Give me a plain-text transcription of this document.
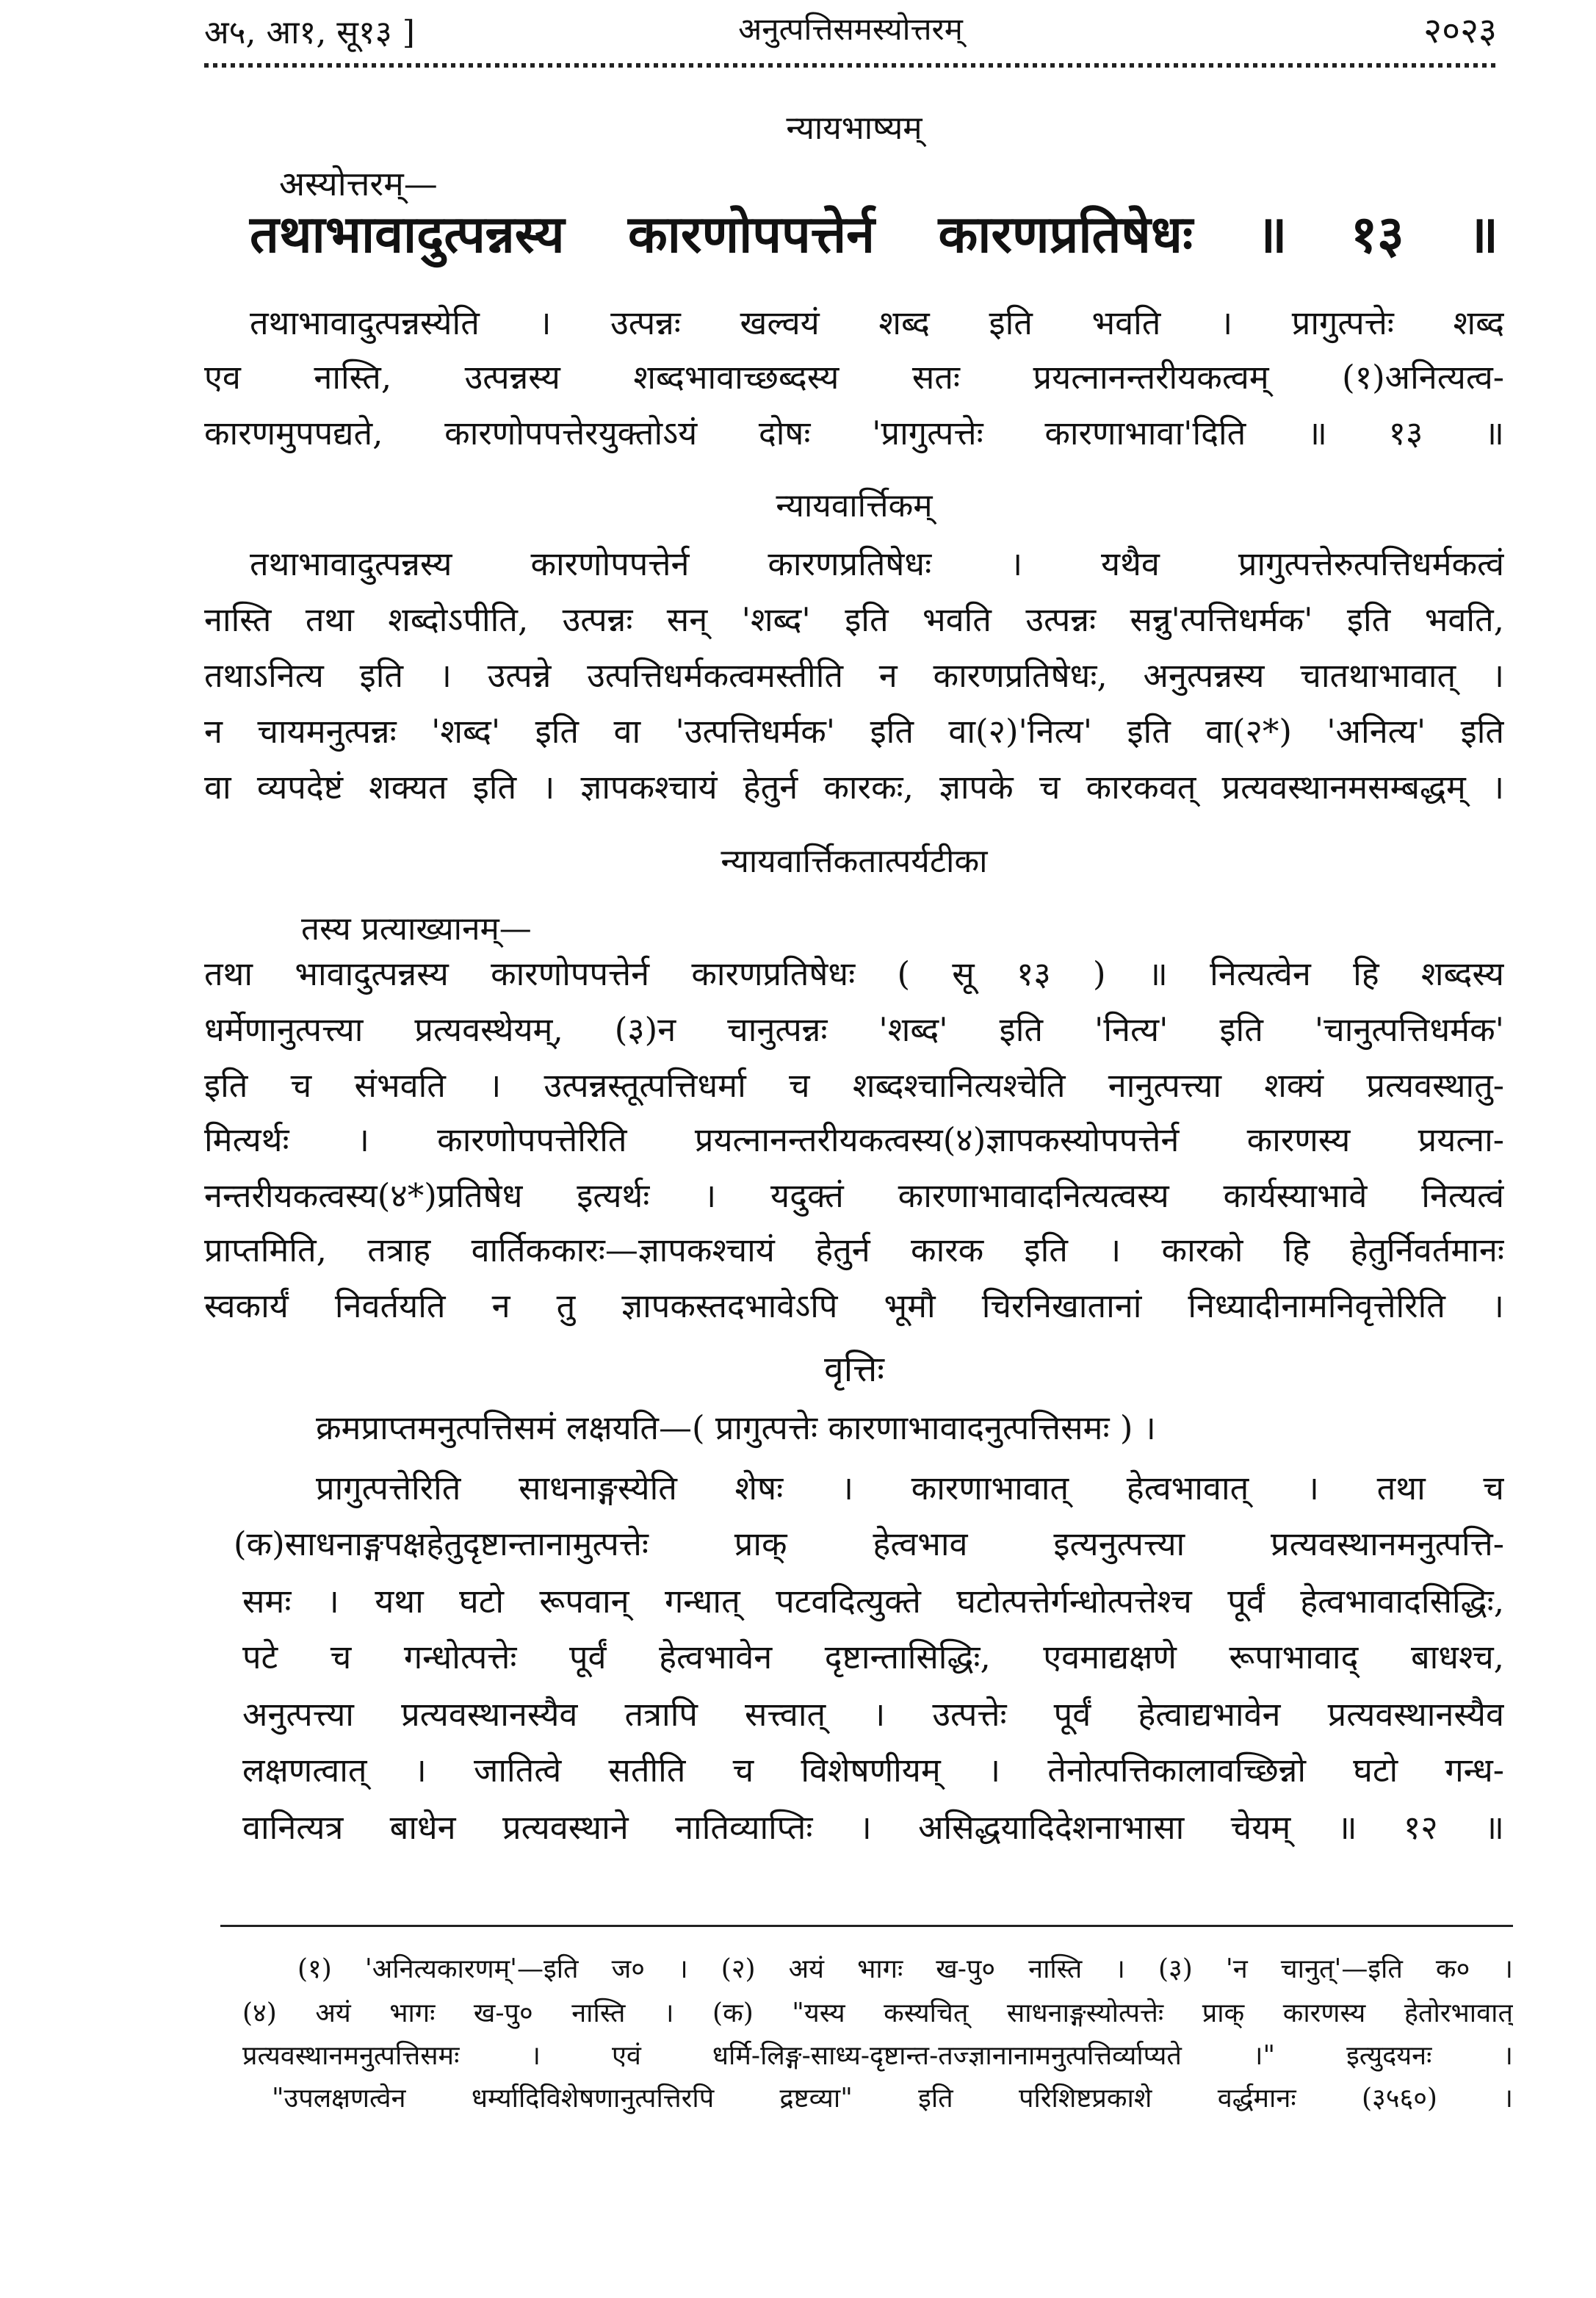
अ५, आ१, सू१३ ]	अनुत्पत्तिसमस्योत्तरम्	२०२३
न्यायभाष्यम्
अस्योत्तरम्—
तथाभावादुत्पन्नस्य कारणोपपत्तेर्न कारणप्रतिषेधः ॥ १३ ॥
तथाभावादुत्पन्नस्येति । उत्पन्नः खल्वयं शब्द इति भवति । प्रागुत्पत्तेः शब्द
एव नास्ति, उत्पन्नस्य शब्दभावाच्छब्दस्य सतः प्रयत्नानन्तरीयकत्वम् (१)अनित्यत्व-
कारणमुपपद्यते, कारणोपपत्तेरयुक्तोऽयं दोषः 'प्रागुत्पत्तेः कारणाभावा'दिति ॥ १३ ॥
न्यायवार्त्तिकम्
तथाभावादुत्पन्नस्य कारणोपपत्तेर्न कारणप्रतिषेधः । यथैव प्रागुत्पत्तेरुत्पत्तिधर्मकत्वं
नास्ति तथा शब्दोऽपीति, उत्पन्नः सन् 'शब्द' इति भवति उत्पन्नः सन्नु'त्पत्तिधर्मक' इति भवति,
तथाऽनित्य इति । उत्पन्ने उत्पत्तिधर्मकत्वमस्तीति न कारणप्रतिषेधः, अनुत्पन्नस्य चातथाभावात् ।
न चायमनुत्पन्नः 'शब्द' इति वा 'उत्पत्तिधर्मक' इति वा(२)'नित्य' इति वा(२*) 'अनित्य' इति
वा व्यपदेष्टं शक्यत इति । ज्ञापकश्चायं हेतुर्न कारकः, ज्ञापके च कारकवत् प्रत्यवस्थानमसम्बद्धम् ।
न्यायवार्त्तिकतात्पर्यटीका
तस्य प्रत्याख्यानम्—
तथा भावादुत्पन्नस्य कारणोपपत्तेर्न कारणप्रतिषेधः ( सू १३ ) ॥ नित्यत्वेन हि शब्दस्य
धर्मेणानुत्पत्त्या प्रत्यवस्थेयम्, (३)न चानुत्पन्नः 'शब्द' इति 'नित्य' इति 'चानुत्पत्तिधर्मक'
इति च संभवति । उत्पन्नस्तूत्पत्तिधर्मा च शब्दश्चानित्यश्चेति नानुत्पत्त्या शक्यं प्रत्यवस्थातु-
मित्यर्थः । कारणोपपत्तेरिति प्रयत्नानन्तरीयकत्वस्य(४)ज्ञापकस्योपपत्तेर्न कारणस्य प्रयत्ना-
नन्तरीयकत्वस्य(४*)प्रतिषेध इत्यर्थः । यदुक्तं कारणाभावादनित्यत्वस्य कार्यस्याभावे नित्यत्वं
प्राप्तमिति, तत्राह वार्तिककारः—ज्ञापकश्चायं हेतुर्न कारक इति । कारको हि हेतुर्निवर्तमानः
स्वकार्यं निवर्तयति न तु ज्ञापकस्तदभावेऽपि भूमौ चिरनिखातानां निध्यादीनामनिवृत्तेरिति ।
वृत्तिः
क्रमप्राप्तमनुत्पत्तिसमं लक्षयति—( प्रागुत्पत्तेः कारणाभावादनुत्पत्तिसमः ) ।
प्रागुत्पत्तेरिति साधनाङ्गस्येति शेषः । कारणाभावात् हेत्वभावात् । तथा च
(क)साधनाङ्गपक्षहेतुदृष्टान्तानामुत्पत्तेः प्राक् हेत्वभाव इत्यनुत्पत्त्या प्रत्यवस्थानमनुत्पत्ति-
समः । यथा घटो रूपवान् गन्धात् पटवदित्युक्ते घटोत्पत्तेर्गन्धोत्पत्तेश्च पूर्वं हेत्वभावादसिद्धिः,
पटे च गन्धोत्पत्तेः पूर्वं हेत्वभावेन दृष्टान्तासिद्धिः, एवमाद्यक्षणे रूपाभावाद् बाधश्च,
अनुत्पत्त्या प्रत्यवस्थानस्यैव तत्रापि सत्त्वात् । उत्पत्तेः पूर्वं हेत्वाद्यभावेन प्रत्यवस्थानस्यैव
लक्षणत्वात् । जातित्वे सतीति च विशेषणीयम् । तेनोत्पत्तिकालावच्छिन्नो घटो गन्ध-
वानित्यत्र बाधेन प्रत्यवस्थाने नातिव्याप्तिः । असिद्धयादिदेशनाभासा चेयम् ॥ १२ ॥
(१) 'अनित्यकारणम्'—इति ज० । (२) अयं भागः ख-पु० नास्ति । (३) 'न चानुत्'—इति क० ।
(४) अयं भागः ख-पु० नास्ति । (क) "यस्य कस्यचित् साधनाङ्गस्योत्पत्तेः प्राक् कारणस्य हेतोरभावात्
प्रत्यवस्थानमनुत्पत्तिसमः । एवं धर्मि-लिङ्ग-साध्य-दृष्टान्त-तज्ज्ञानानामनुत्पत्तिर्व्याप्यते ।" इत्युदयनः ।
"उपलक्षणत्वेन धर्म्यादिविशेषणानुत्पत्तिरपि द्रष्टव्या" इति परिशिष्टप्रकाशे वर्द्धमानः (३५६०) ।
